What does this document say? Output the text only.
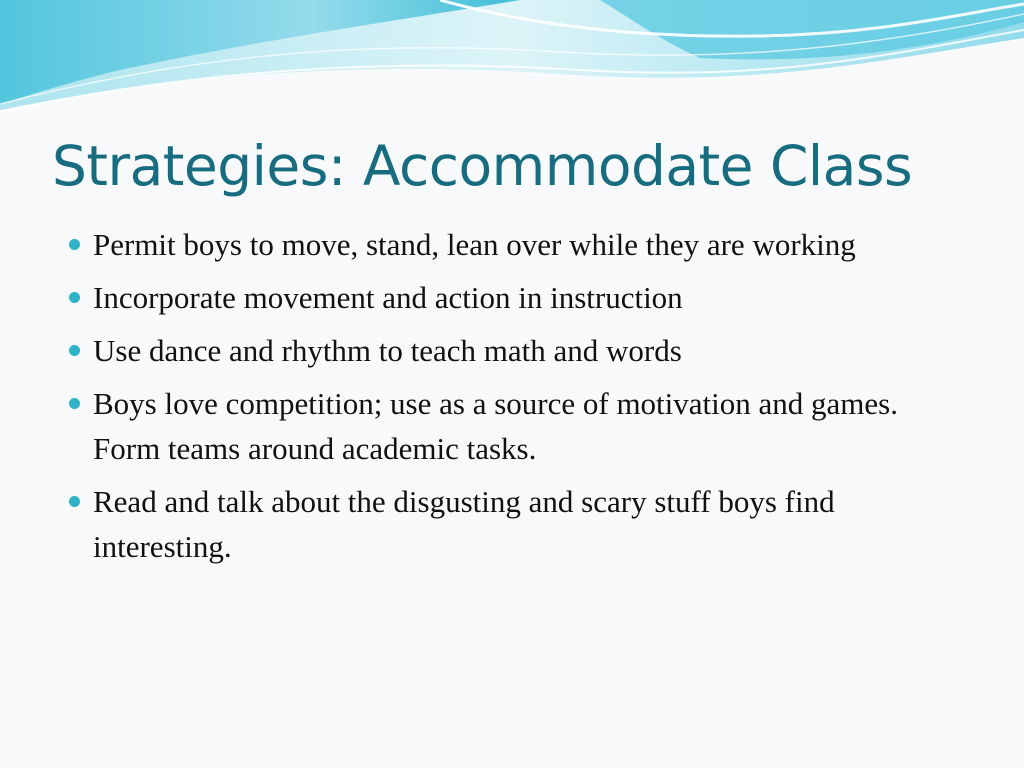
Strategies: Accommodate Class
Permit boys to move, stand, lean over while they are working
Incorporate movement and action in instruction
Use dance and rhythm to teach math and words
Boys love competition; use as a source of motivation and games. Form teams around academic tasks.
Read and talk about the disgusting and scary stuff boys find interesting.
